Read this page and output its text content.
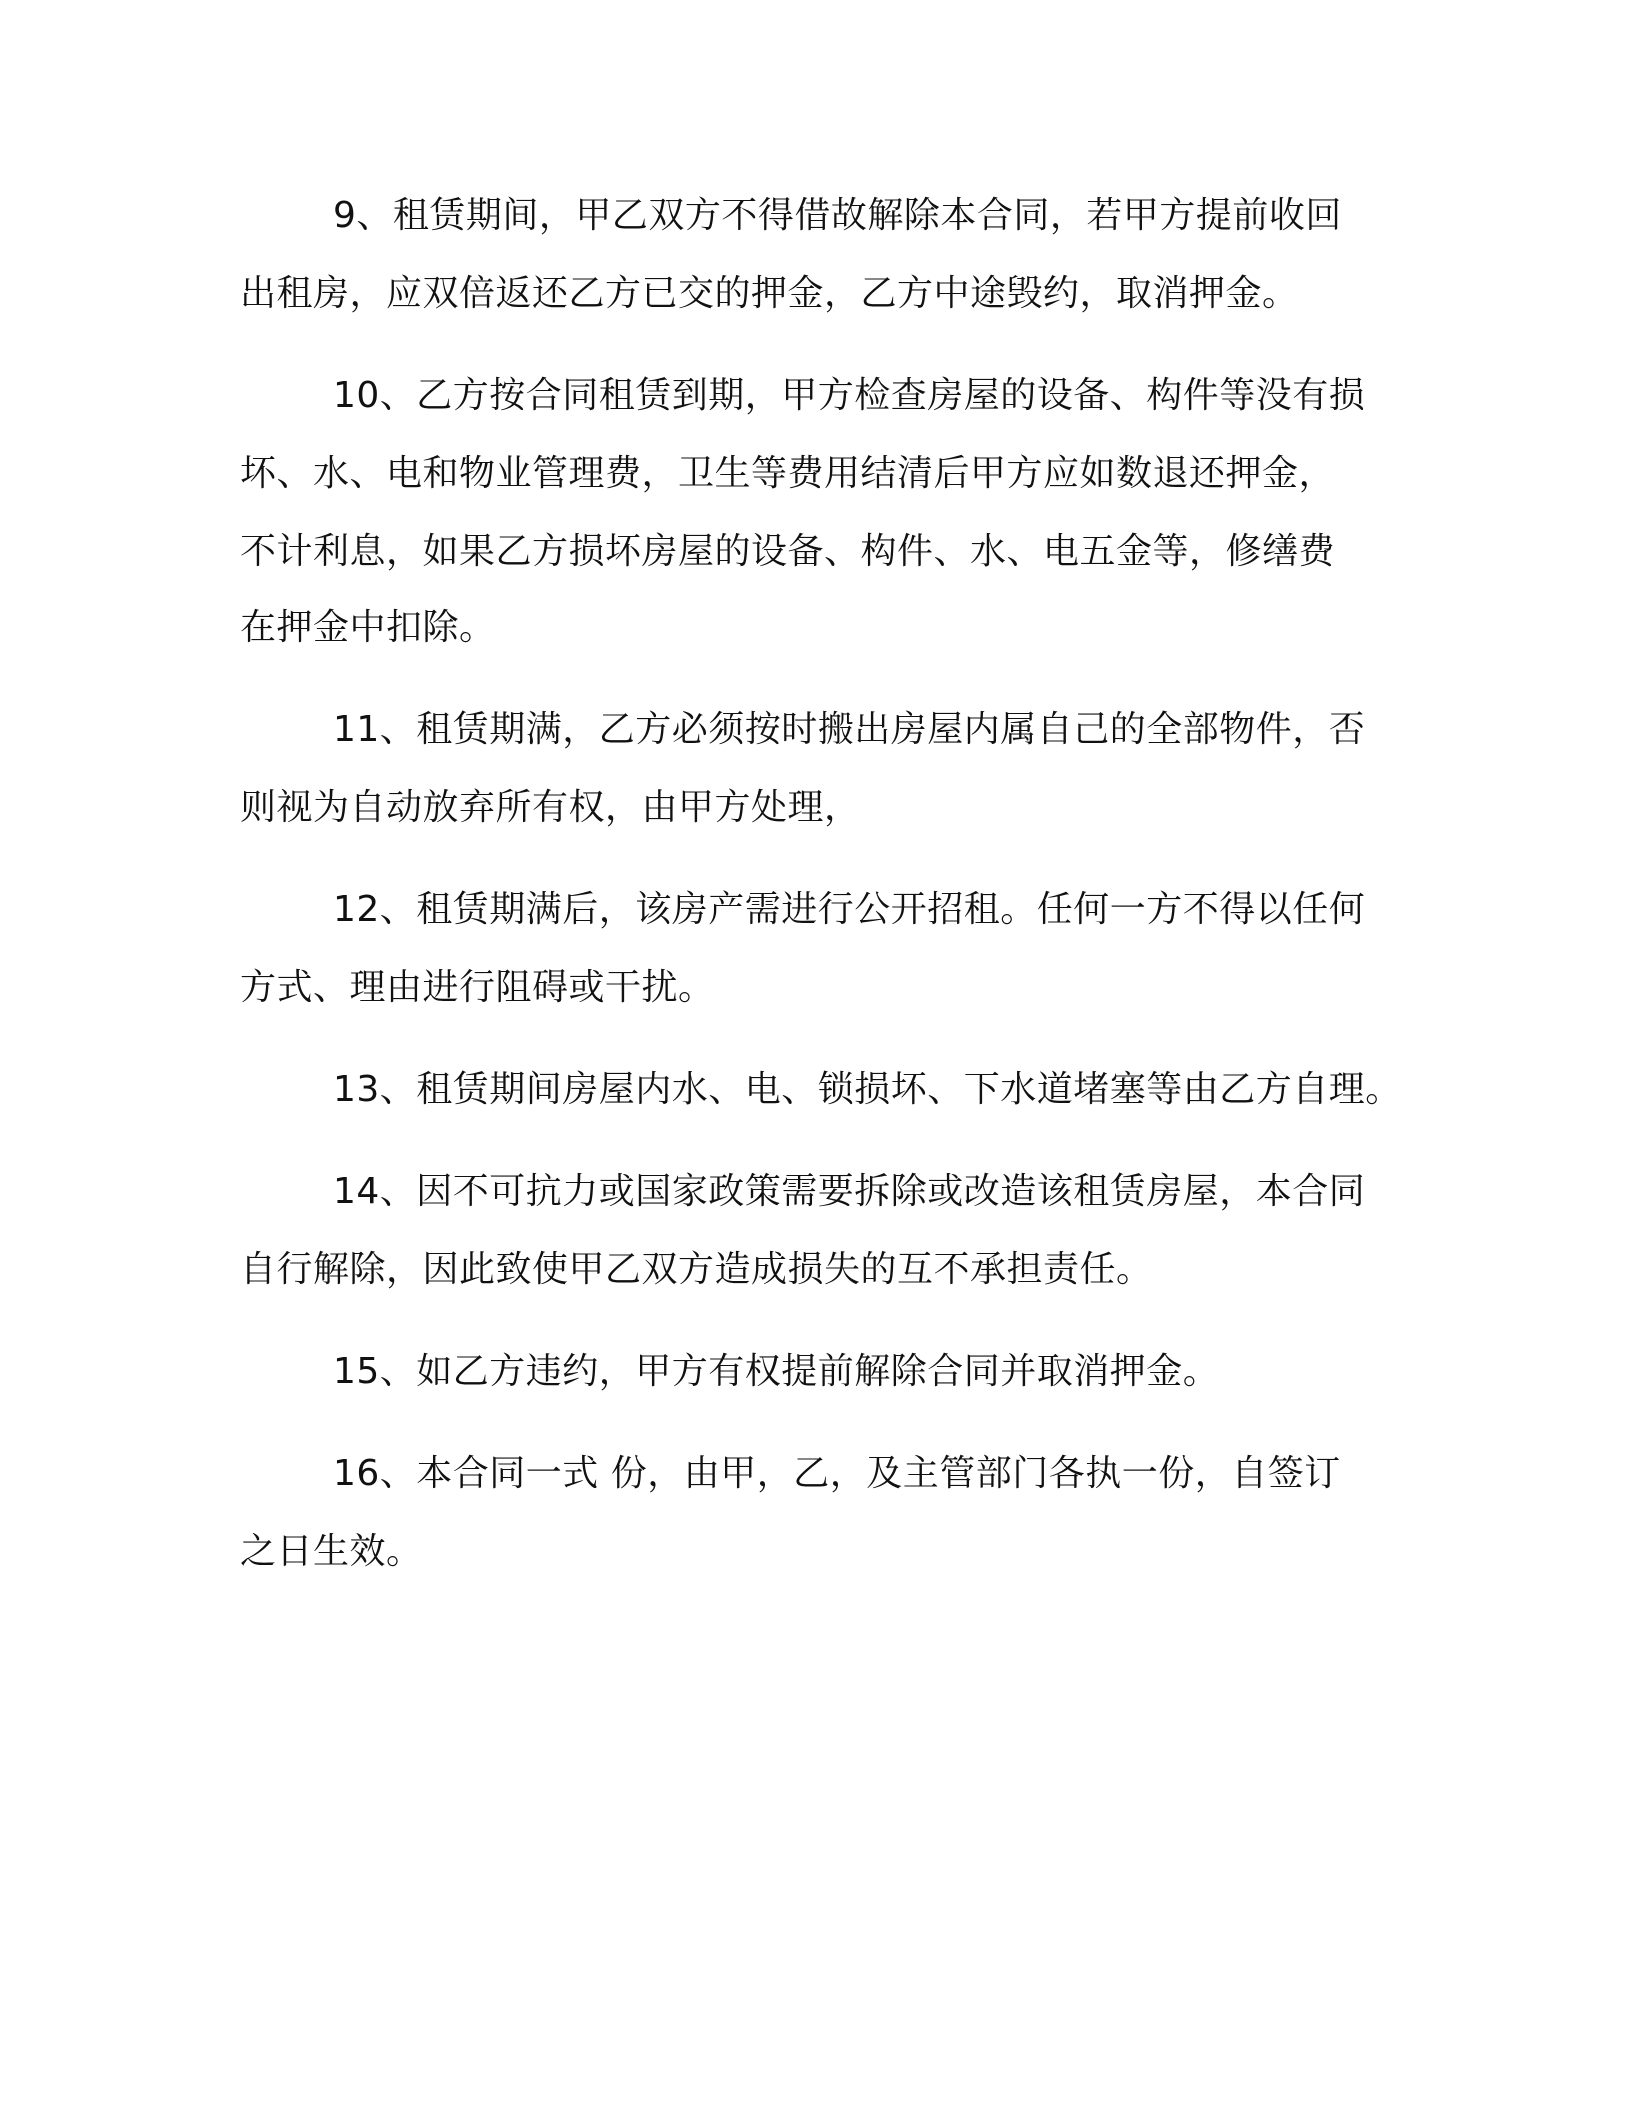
9、租赁期间，甲乙双方不得借故解除本合同，若甲方提前收回

出租房，应双倍返还乙方已交的押金，乙方中途毁约，取消押金。

10、乙方按合同租赁到期，甲方检查房屋的设备、构件等没有损

坏、水、电和物业管理费，卫生等费用结清后甲方应如数退还押金，

不计利息，如果乙方损坏房屋的设备、构件、水、电五金等，修缮费

在押金中扣除。

11、租赁期满，乙方必须按时搬出房屋内属自己的全部物件，否

则视为自动放弃所有权，由甲方处理，

12、租赁期满后，该房产需进行公开招租。任何一方不得以任何

方式、理由进行阻碍或干扰。

13、租赁期间房屋内水、电、锁损坏、下水道堵塞等由乙方自理。

14、因不可抗力或国家政策需要拆除或改造该租赁房屋，本合同

自行解除，因此致使甲乙双方造成损失的互不承担责任。

15、如乙方违约，甲方有权提前解除合同并取消押金。

16、本合同一式 份，由甲，乙，及主管部门各执一份，自签订

之日生效。
